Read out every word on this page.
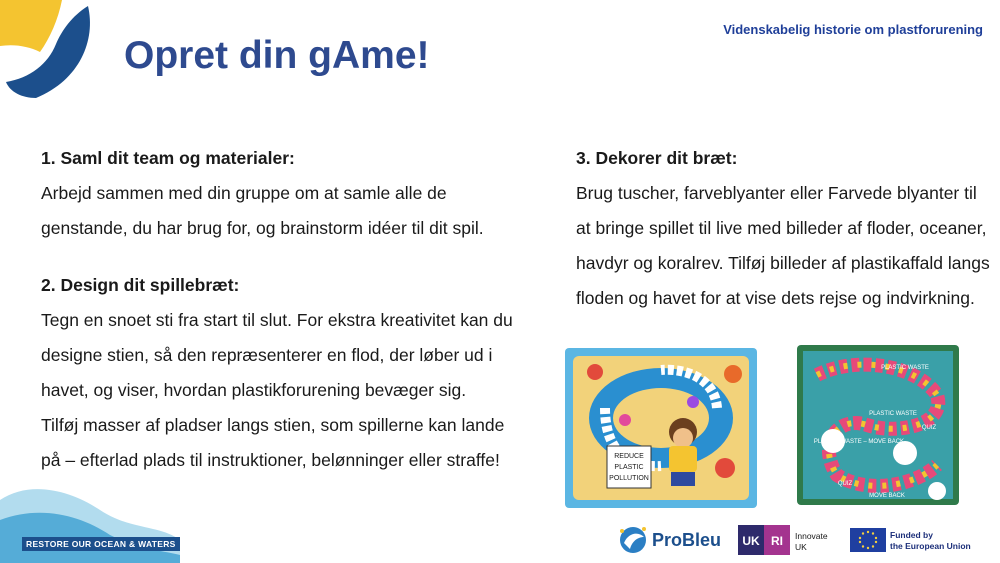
Opret din gAme!
Videnskabelig historie om plastforurening

1. Saml dit team og materialer:

Arbejd sammen med din gruppe om at samle alle de genstande, du har brug for, og brainstorm idéer til dit spil.

2. Design dit spillebræt:

Tegn en snoet sti fra start til slut. For ekstra kreativitet kan du designe stien, så den repræsenterer en flod, der løber ud i havet, og viser, hvordan plastikforurening bevæger sig.

Tilføj masser af pladser langs stien, som spillerne kan lande på – efterlad plads til instruktioner, belønninger eller straffe!

3. Dekorer dit bræt:

Brug tuscher, farveblyanter eller Farvede blyanter til at bringe spillet til live med billeder af floder, oceaner, havdyr og koralrev. Tilføj billeder af plastikaffald langs floden og havet for at vise dets rejse og indvirkning.

REDUCE
PLASTIC
POLLUTION
PLASTIC WASTE
PLASTIC WASTE
PLASTIC WASTE – MOVE BACK
QUIZ
QUIZ
MOVE BACK
RESTORE OUR OCEAN & WATERS	ProBleu UK RI Innovate
UK
Funded by
the European Union
